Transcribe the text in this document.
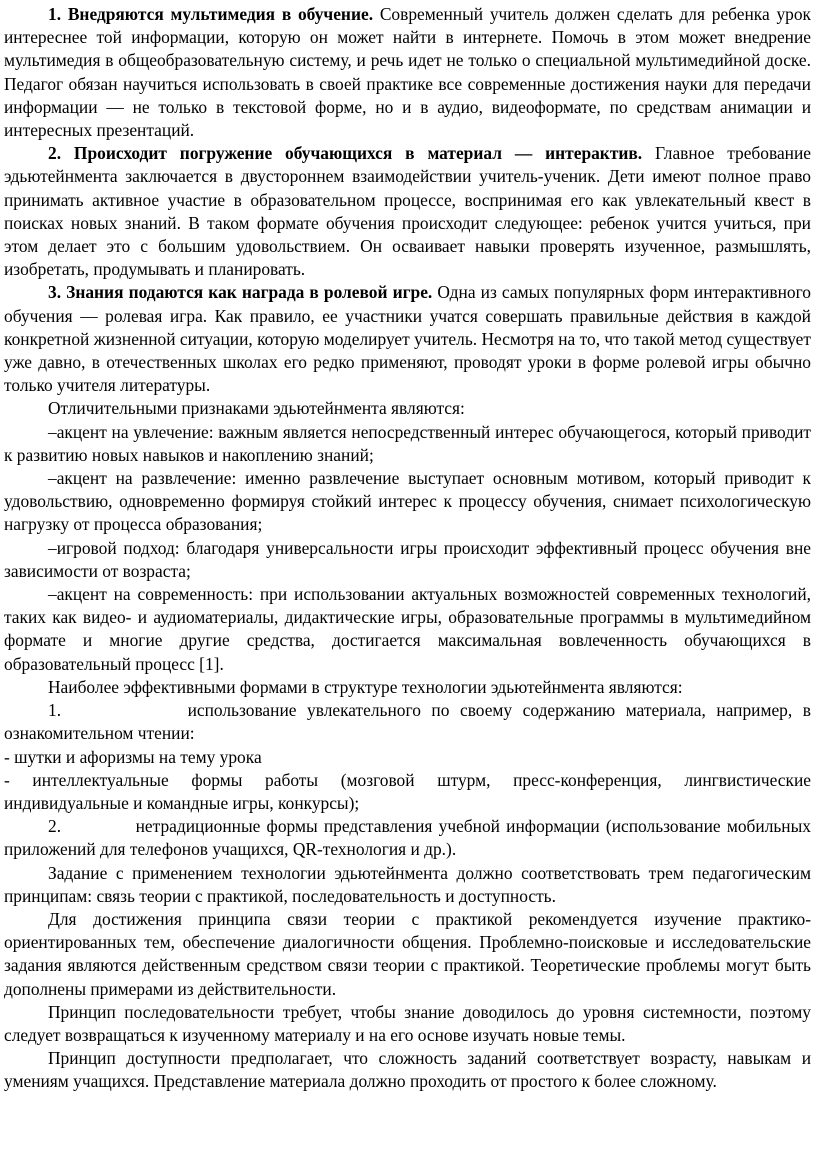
1. Внедряются мультимедия в обучение. Современный учитель должен сделать для ребенка урок интереснее той информации, которую он может найти в интернете. Помочь в этом может внедрение мультимедия в общеобразовательную систему, и речь идет не только о специальной мультимедийной доске. Педагог обязан научиться использовать в своей практике все современные достижения науки для передачи информации — не только в текстовой форме, но и в аудио, видеоформате, по средствам анимации и интересных презентаций.

2. Происходит погружение обучающихся в материал — интерактив. Главное требование эдьютейнмента заключается в двустороннем взаимодействии учитель-ученик. Дети имеют полное право принимать активное участие в образовательном процессе, воспринимая его как увлекательный квест в поисках новых знаний. В таком формате обучения происходит следующее: ребенок учится учиться, при этом делает это с большим удовольствием. Он осваивает навыки проверять изученное, размышлять, изобретать, продумывать и планировать.

3. Знания подаются как награда в ролевой игре. Одна из самых популярных форм интерактивного обучения — ролевая игра. Как правило, ее участники учатся совершать правильные действия в каждой конкретной жизненной ситуации, которую моделирует учитель. Несмотря на то, что такой метод существует уже давно, в отечественных школах его редко применяют, проводят уроки в форме ролевой игры обычно только учителя литературы.

Отличительными признаками эдьютейнмента являются:

–акцент на увлечение: важным является непосредственный интерес обучающегося, который приводит к развитию новых навыков и накоплению знаний;

–акцент на развлечение: именно развлечение выступает основным мотивом, который приводит к удовольствию, одновременно формируя стойкий интерес к процессу обучения, снимает психологическую нагрузку от процесса образования;

–игровой подход: благодаря универсальности игры происходит эффективный процесс обучения вне зависимости от возраста;

–акцент на современность: при использовании актуальных возможностей современных технологий, таких как видео- и аудиоматериалы, дидактические игры, образовательные программы в мультимедийном формате и многие другие средства, достигается максимальная вовлеченность обучающихся в образовательный процесс [1].

Наиболее эффективными формами в структуре технологии эдьютейнмента являются:

1.            использование увлекательного по своему содержанию материала, например, в ознакомительном чтении:

- шутки и афоризмы на тему урока

- интеллектуальные формы работы (мозговой штурм, пресс-конференция, лингвистические индивидуальные и командные игры, конкурсы);

2.            нетрадиционные формы представления учебной информации (использование мобильных приложений для телефонов учащихся, QR-технология и др.).

Задание с применением технологии эдьютейнмента должно соответствовать трем педагогическим принципам: связь теории с практикой, последовательность и доступность.

Для достижения принципа связи теории с практикой рекомендуется изучение практико-ориентированных тем, обеспечение диалогичности общения. Проблемно-поисковые и исследовательские задания являются действенным средством связи теории с практикой. Теоретические проблемы могут быть дополнены примерами из действительности.

Принцип последовательности требует, чтобы знание доводилось до уровня системности, поэтому следует возвращаться к изученному материалу и на его основе изучать новые темы.

Принцип доступности предполагает, что сложность заданий соответствует возрасту, навыкам и умениям учащихся. Представление материала должно проходить от простого к более сложному.
